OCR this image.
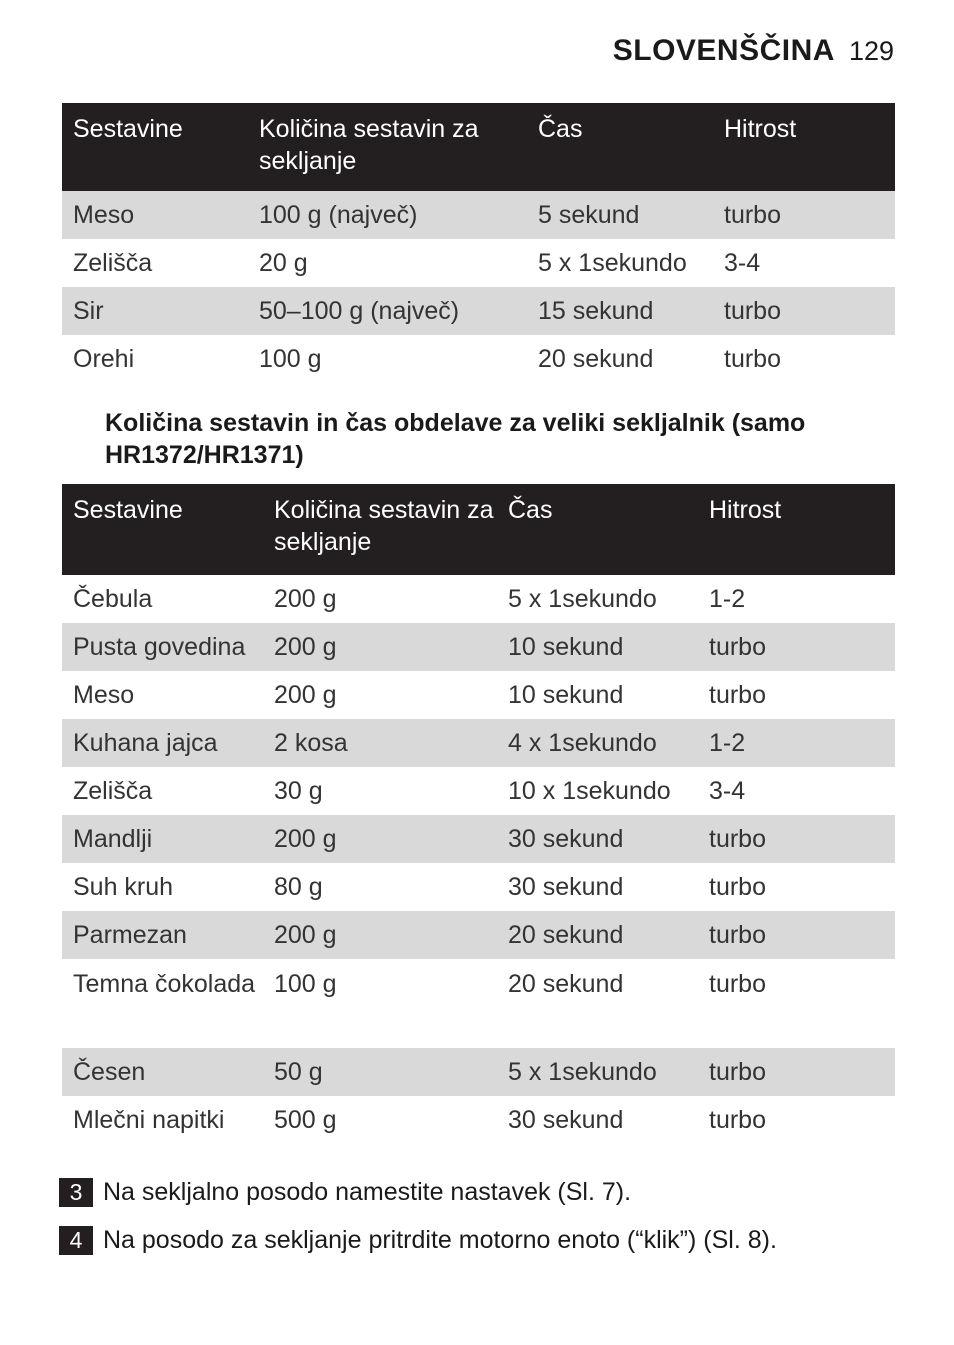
SLOVENŠČINA 129
Sestavine	Količina sestavin za sekljanje	Čas	Hitrost
Meso	100 g (največ)	5 sekund	turbo
Zelišča	20 g	5 x 1sekundo	3-4
Sir	50–100 g (največ)	15 sekund	turbo
Orehi	100 g	20 sekund	turbo
Količina sestavin in čas obdelave za veliki sekljalnik (samo HR1372/HR1371)
Sestavine	Količina sestavin za sekljanje	Čas	Hitrost
Čebula	200 g	5 x 1sekundo	1-2
Pusta govedina	200 g	10 sekund	turbo
Meso	200 g	10 sekund	turbo
Kuhana jajca	2 kosa	4 x 1sekundo	1-2
Zelišča	30 g	10 x 1sekundo	3-4
Mandlji	200 g	30 sekund	turbo
Suh kruh	80 g	30 sekund	turbo
Parmezan	200 g	20 sekund	turbo
Temna čokolada	100 g	20 sekund	turbo
Česen	50 g	5 x 1sekundo	turbo
Mlečni napitki	500 g	30 sekund	turbo
3 Na sekljalno posodo namestite nastavek (Sl. 7).
4 Na posodo za sekljanje pritrdite motorno enoto (“klik”) (Sl. 8).
